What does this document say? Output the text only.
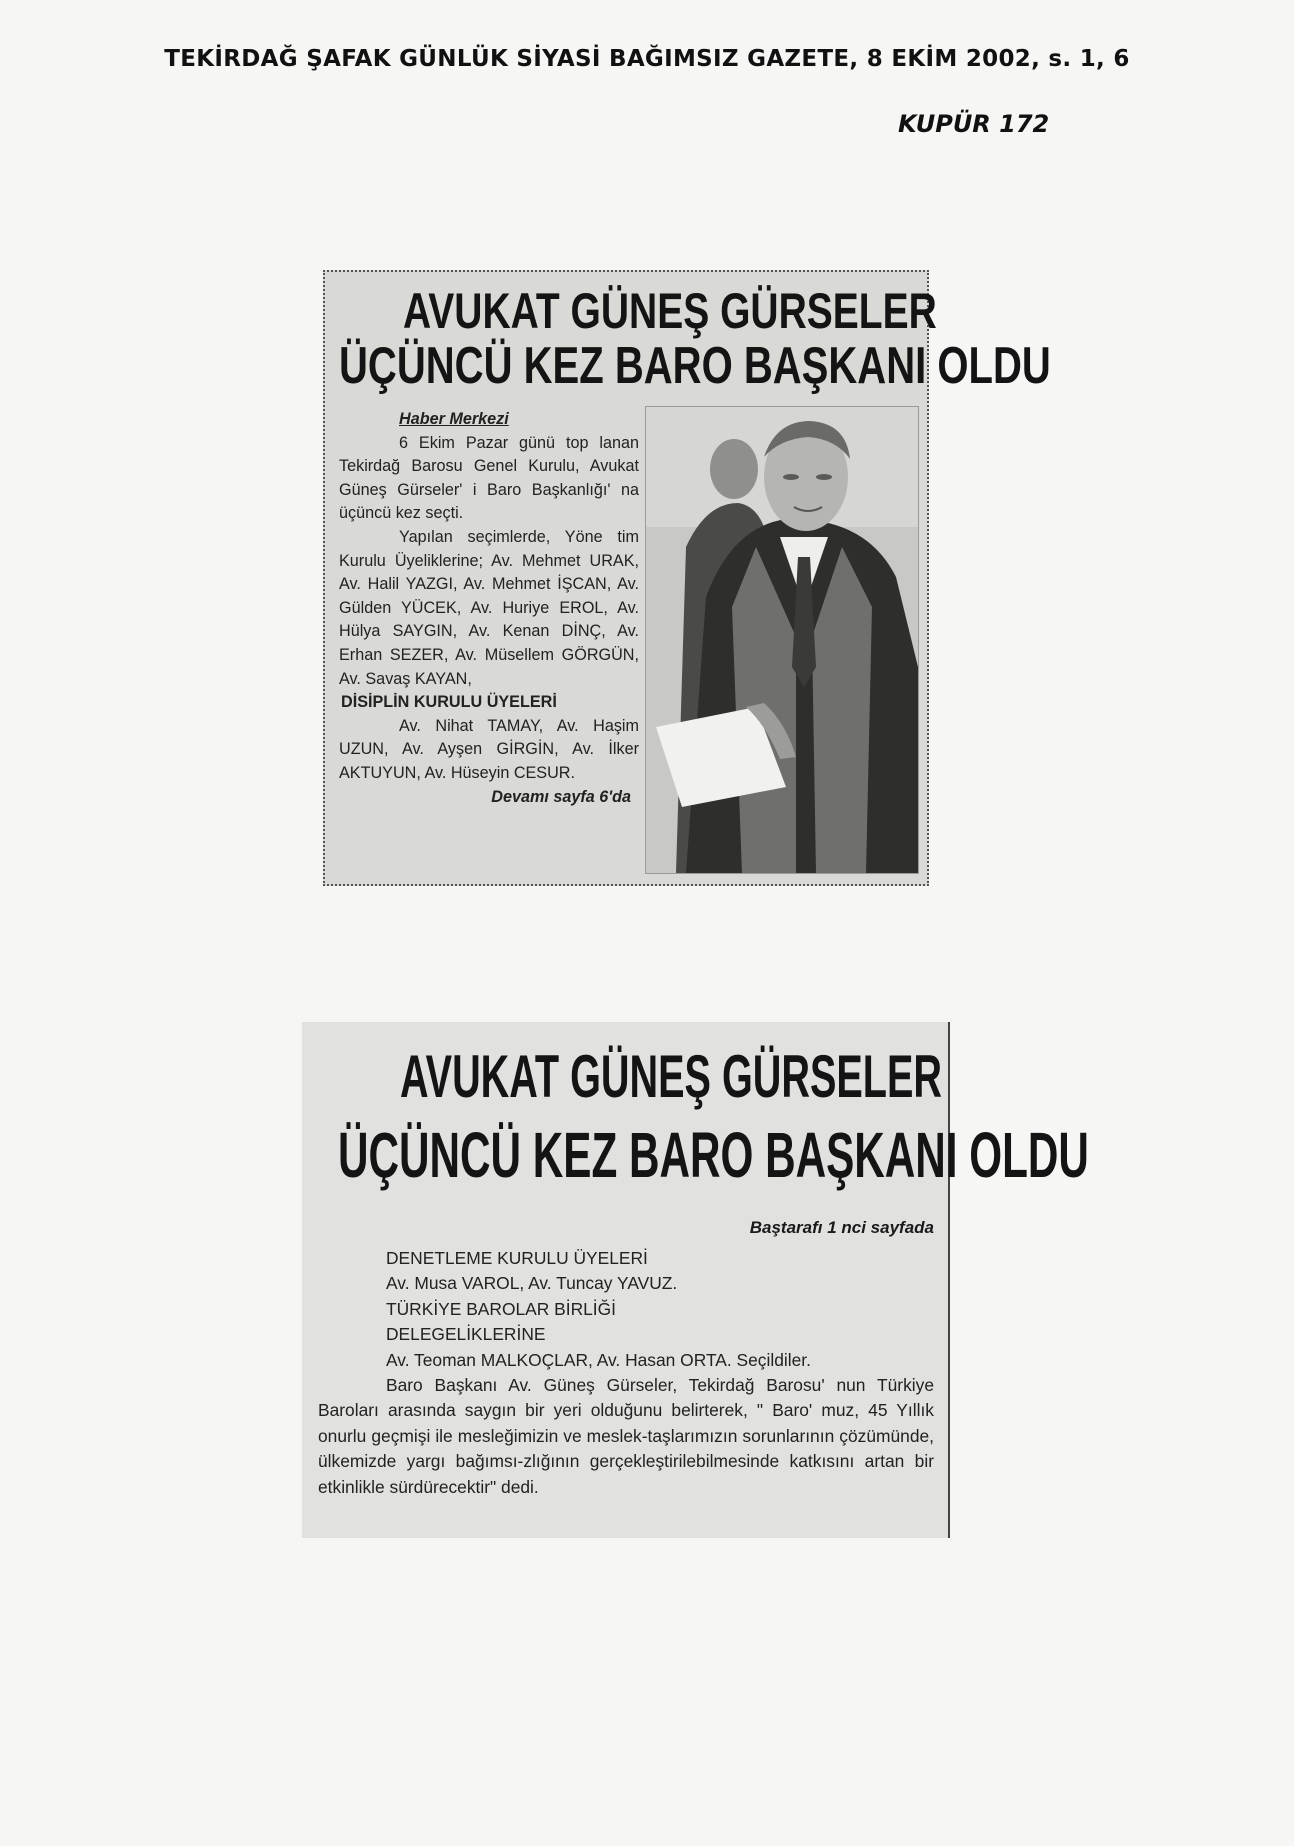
TEKİRDAĞ ŞAFAK GÜNLÜK SİYASİ BAĞIMSIZ GAZETE, 8 EKİM 2002, s. 1, 6
KUPÜR 172
AVUKAT GÜNEŞ GÜRSELER
ÜÇÜNCÜ KEZ BARO BAŞKANI OLDU

Haber Merkezi

6 Ekim Pazar günü top lanan Tekirdağ Barosu Genel Kurulu, Avukat Güneş Gürseler' i Baro Başkanlığı' na üçüncü kez seçti.

Yapılan seçimlerde, Yöne tim Kurulu Üyeliklerine; Av. Mehmet URAK, Av. Halil YAZGI, Av. Mehmet İŞCAN, Av. Gülden YÜCEK, Av. Huriye EROL, Av. Hülya SAYGIN, Av. Kenan DİNÇ, Av. Erhan SEZER, Av. Müsellem GÖRGÜN, Av. Savaş KAYAN,

DİSİPLİN KURULU ÜYELERİ

Av. Nihat TAMAY, Av. Haşim UZUN, Av. Ayşen GİRGİN, Av. İlker AKTUYUN, Av. Hüseyin CESUR.

Devamı sayfa 6'da

AVUKAT GÜNEŞ GÜRSELER
ÜÇÜNCÜ KEZ BARO BAŞKANI OLDU
Baştarafı 1 nci sayfada
DENETLEME KURULU ÜYELERİ
Av. Musa VAROL, Av. Tuncay YAVUZ.
TÜRKİYE BAROLAR BİRLİĞİ
DELEGELİKLERİNE
Av. Teoman MALKOÇLAR, Av. Hasan ORTA. Seçildiler.

Baro Başkanı Av. Güneş Gürseler, Tekirdağ Barosu' nun Türkiye Baroları arasında saygın bir yeri olduğunu belirterek, " Baro' muz, 45 Yıllık onurlu geçmişi ile mesleğimizin ve meslek-taşlarımızın sorunlarının çözümünde, ülkemizde yargı bağımsı-zlığının gerçekleştirilebilmesinde katkısını artan bir etkinlikle sürdürecektir" dedi.
